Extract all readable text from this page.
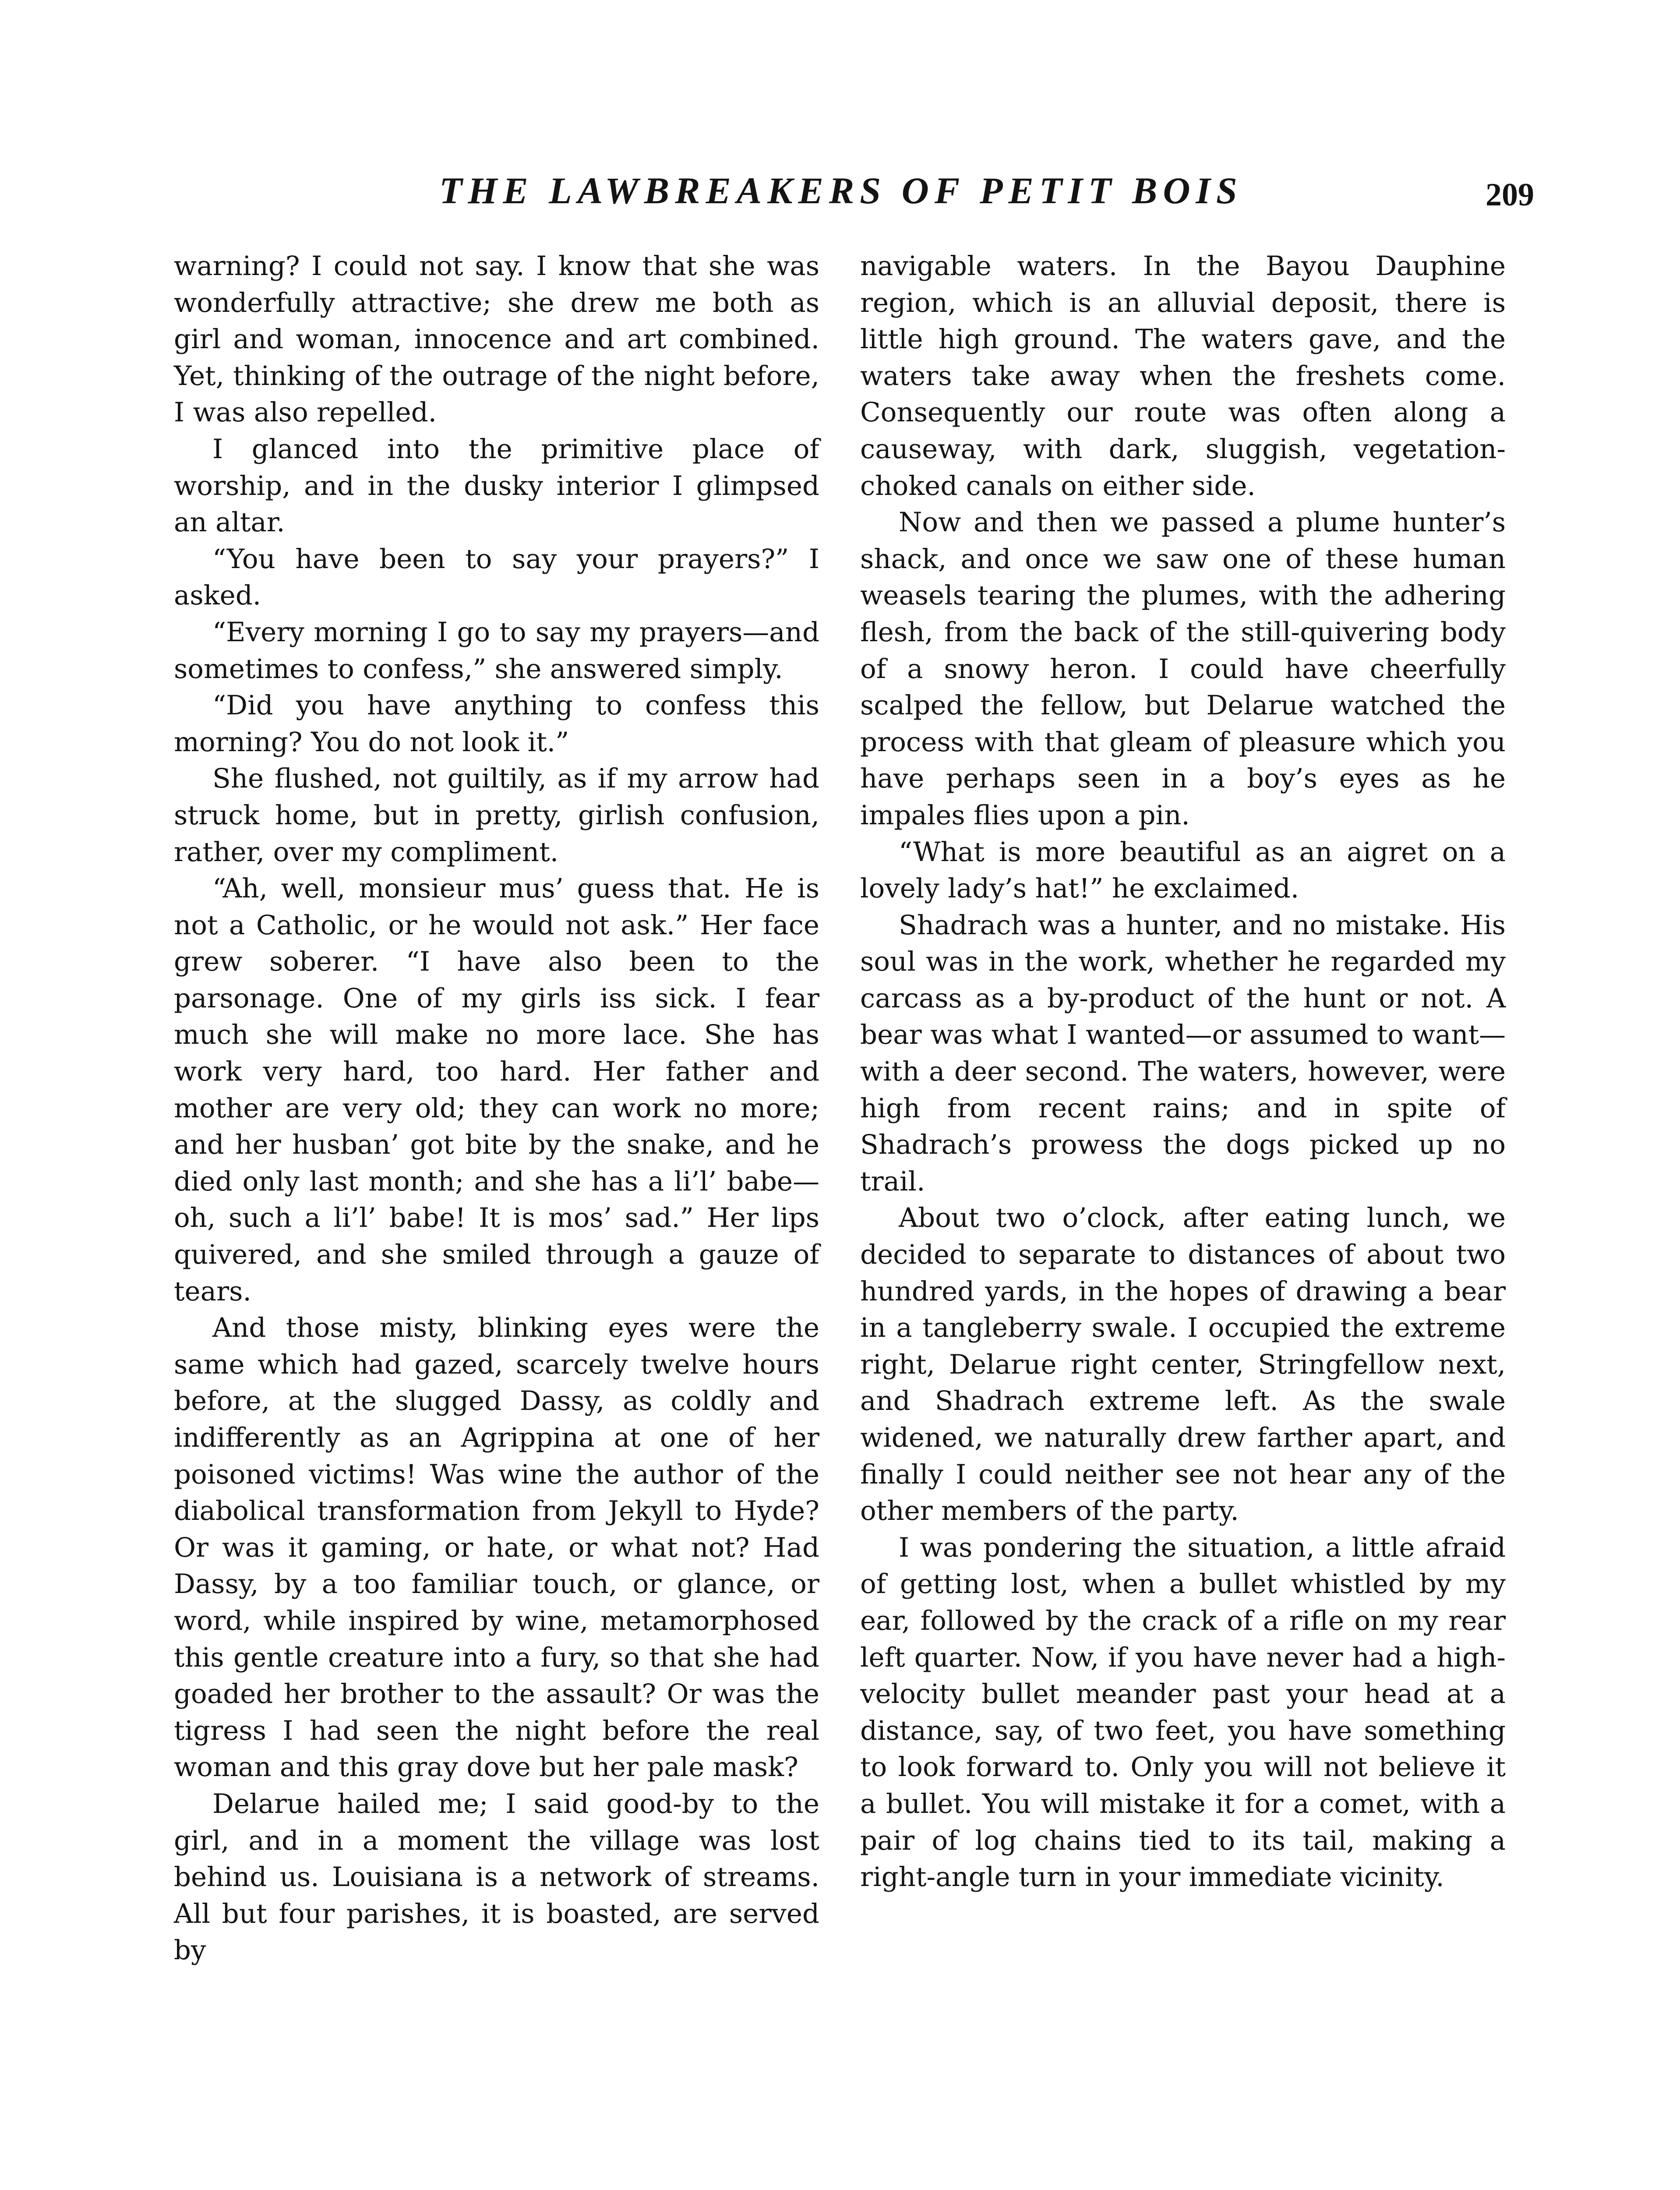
THE LAWBREAKERS OF PETIT BOIS	209

warning? I could not say. I know that she was wonderfully attractive; she drew me both as girl and woman, innocence and art combined. Yet, thinking of the outrage of the night before, I was also repelled.

I glanced into the primitive place of worship, and in the dusky interior I glimpsed an altar.

“You have been to say your prayers?” I asked.

“Every morning I go to say my prayers—and sometimes to confess,” she answered simply.

“Did you have anything to confess this morning? You do not look it.”

She flushed, not guiltily, as if my arrow had struck home, but in pretty, girlish confusion, rather, over my compliment.

“Ah, well, monsieur mus’ guess that. He is not a Catholic, or he would not ask.” Her face grew soberer. “I have also been to the parsonage. One of my girls iss sick. I fear much she will make no more lace. She has work very hard, too hard. Her father and mother are very old; they can work no more; and her husban’ got bite by the snake, and he died only last month; and she has a li’l’ babe—oh, such a li’l’ babe! It is mos’ sad.” Her lips quivered, and she smiled through a gauze of tears.

And those misty, blinking eyes were the same which had gazed, scarcely twelve hours before, at the slugged Dassy, as coldly and indifferently as an Agrippina at one of her poisoned victims! Was wine the author of the diabolical transformation from Jekyll to Hyde? Or was it gaming, or hate, or what not? Had Dassy, by a too familiar touch, or glance, or word, while inspired by wine, metamorphosed this gentle creature into a fury, so that she had goaded her brother to the assault? Or was the tigress I had seen the night before the real woman and this gray dove but her pale mask?

Delarue hailed me; I said good-by to the girl, and in a moment the village was lost behind us. Louisiana is a network of streams. All but four parishes, it is boasted, are served by

navigable waters. In the Bayou Dauphine region, which is an alluvial deposit, there is little high ground. The waters gave, and the waters take away when the freshets come. Consequently our route was often along a causeway, with dark, sluggish, vegetation-choked canals on either side.

Now and then we passed a plume hunter’s shack, and once we saw one of these human weasels tearing the plumes, with the adhering flesh, from the back of the still-quivering body of a snowy heron. I could have cheerfully scalped the fellow, but Delarue watched the process with that gleam of pleasure which you have perhaps seen in a boy’s eyes as he impales flies upon a pin.

“What is more beautiful as an aigret on a lovely lady’s hat!” he exclaimed.

Shadrach was a hunter, and no mistake. His soul was in the work, whether he regarded my carcass as a by-product of the hunt or not. A bear was what I wanted—or assumed to want—with a deer second. The waters, however, were high from recent rains; and in spite of Shadrach’s prowess the dogs picked up no trail.

About two o’clock, after eating lunch, we decided to separate to distances of about two hundred yards, in the hopes of drawing a bear in a tangleberry swale. I occupied the extreme right, Delarue right center, Stringfellow next, and Shadrach extreme left. As the swale widened, we naturally drew farther apart, and finally I could neither see not hear any of the other members of the party.

I was pondering the situation, a little afraid of getting lost, when a bullet whistled by my ear, followed by the crack of a rifle on my rear left quarter. Now, if you have never had a high-velocity bullet meander past your head at a distance, say, of two feet, you have something to look forward to. Only you will not believe it a bullet. You will mistake it for a comet, with a pair of log chains tied to its tail, making a right-angle turn in your immediate vicinity.
